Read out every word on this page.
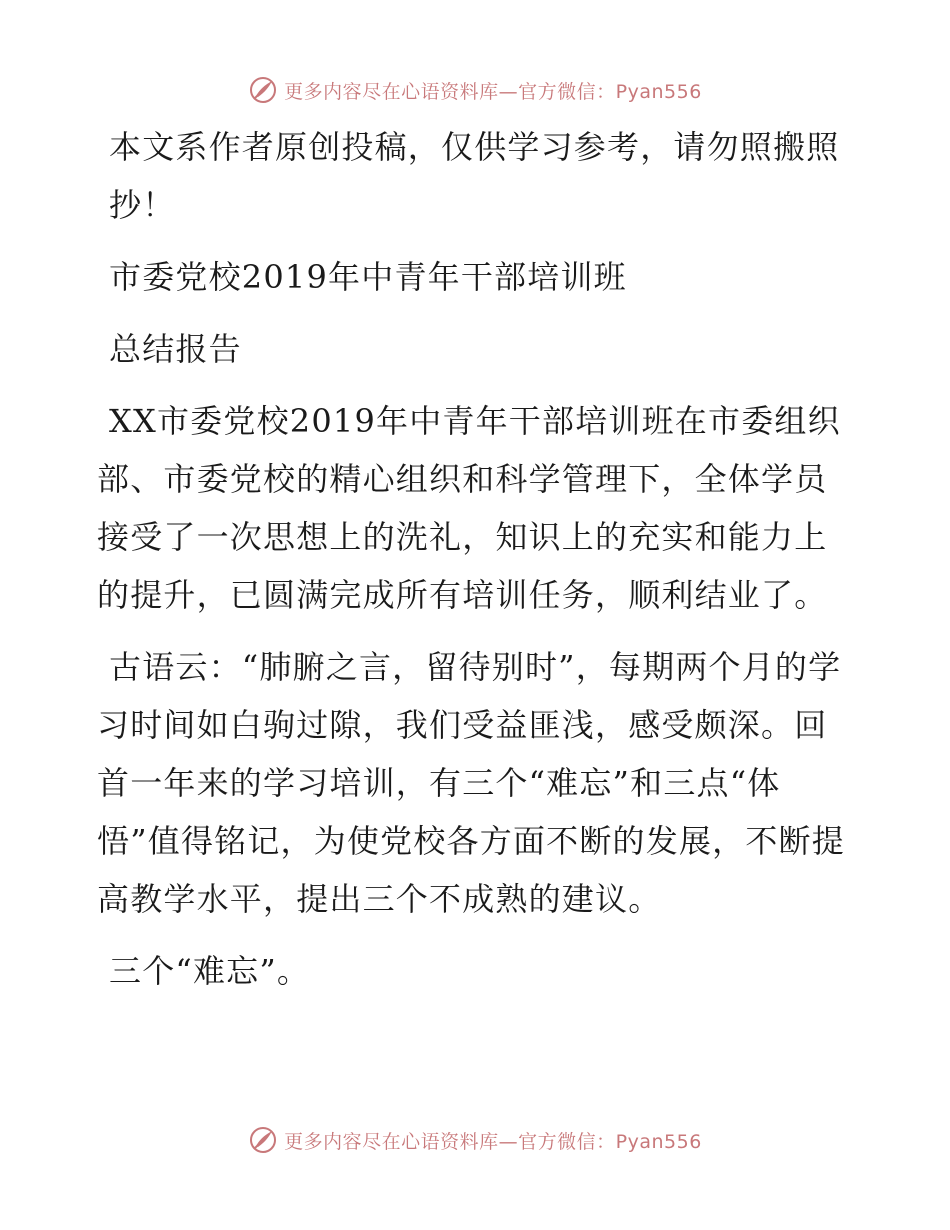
更多内容尽在心语资料库—官方微信：Pyan556

本文系作者原创投稿，仅供学习参考，请勿照搬照抄！

市委党校2019年中青年干部培训班

总结报告

XX市委党校2019年中青年干部培训班在市委组织部、市委党校的精心组织和科学管理下，全体学员接受了一次思想上的洗礼，知识上的充实和能力上的提升，已圆满完成所有培训任务，顺利结业了。

古语云：“肺腑之言，留待别时”，每期两个月的学习时间如白驹过隙，我们受益匪浅，感受颇深。回首一年来的学习培训，有三个“难忘”和三点“体悟”值得铭记，为使党校各方面不断的发展，不断提高教学水平，提出三个不成熟的建议。

三个“难忘”。

更多内容尽在心语资料库—官方微信：Pyan556
